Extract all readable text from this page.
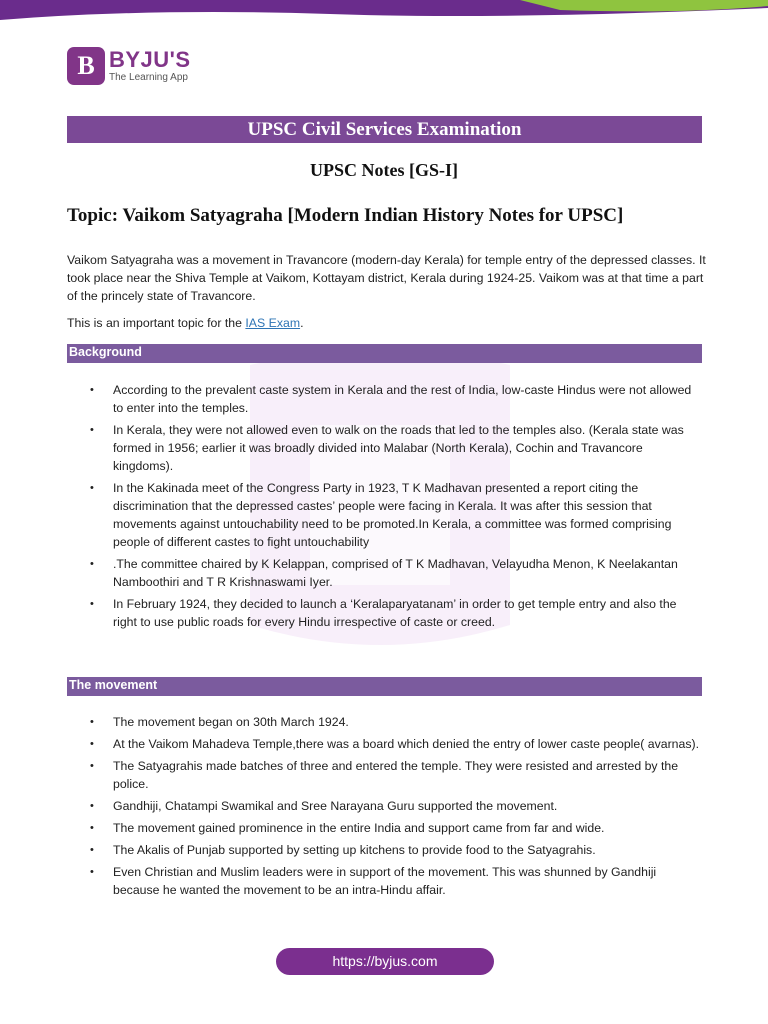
B BYJU'S
The Learning App
UPSC Civil Services Examination
UPSC Notes [GS-I]
Topic: Vaikom Satyagraha [Modern Indian History Notes for UPSC]

Vaikom Satyagraha was a movement in Travancore (modern-day Kerala) for temple entry of the depressed classes. It took place near the Shiva Temple at Vaikom, Kottayam district, Kerala during 1924-25. Vaikom was at that time a part of the princely state of Travancore.

This is an important topic for the IAS Exam.

Background
• According to the prevalent caste system in Kerala and the rest of India, low-caste Hindus were not allowed to enter into the temples.
• In Kerala, they were not allowed even to walk on the roads that led to the temples also. (Kerala state was formed in 1956; earlier it was broadly divided into Malabar (North Kerala), Cochin and Travancore kingdoms).
• In the Kakinada meet of the Congress Party in 1923, T K Madhavan presented a report citing the discrimination that the depressed castes’ people were facing in Kerala. It was after this session that movements against untouchability need to be promoted.In Kerala, a committee was formed comprising people of different castes to fight untouchability
• .The committee chaired by K Kelappan, comprised of T K Madhavan, Velayudha Menon, K Neelakantan Namboothiri and T R Krishnaswami Iyer.
• In February 1924, they decided to launch a ‘Keralaparyatanam’ in order to get temple entry and also the right to use public roads for every Hindu irrespective of caste or creed.
The movement
• The movement began on 30th March 1924.
• At the Vaikom Mahadeva Temple,there was a board which denied the entry of lower caste people( avarnas).
• The Satyagrahis made batches of three and entered the temple. They were resisted and arrested by the police.
• Gandhiji, Chatampi Swamikal and Sree Narayana Guru supported the movement.
• The movement gained prominence in the entire India and support came from far and wide.
• The Akalis of Punjab supported by setting up kitchens to provide food to the Satyagrahis.
• Even Christian and Muslim leaders were in support of the movement. This was shunned by Gandhiji because he wanted the movement to be an intra-Hindu affair.
https://byjus.com
